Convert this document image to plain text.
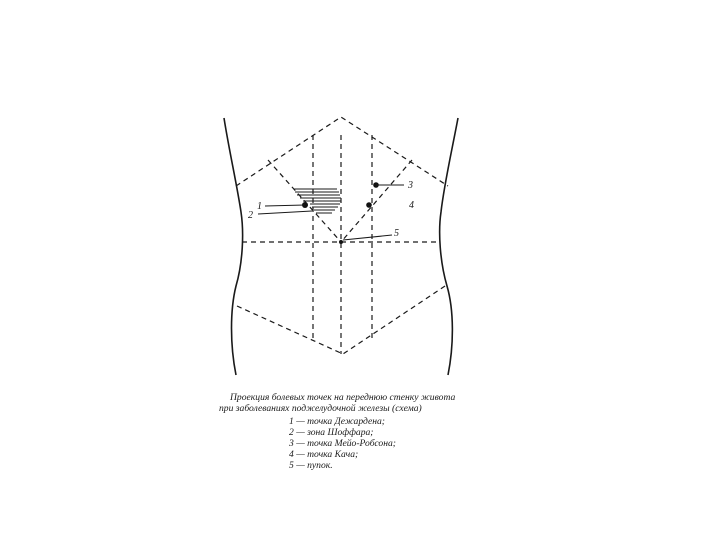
1
2
3
4
5
Проекция болевых точек на переднюю стенку живота
при заболеваниях поджелудочной железы (схема)
1 — точка Дежардена;
2 — зона Шоффара;
3 — точка Мейо-Робсона;
4 — точка Кача;
5 — пупок.
